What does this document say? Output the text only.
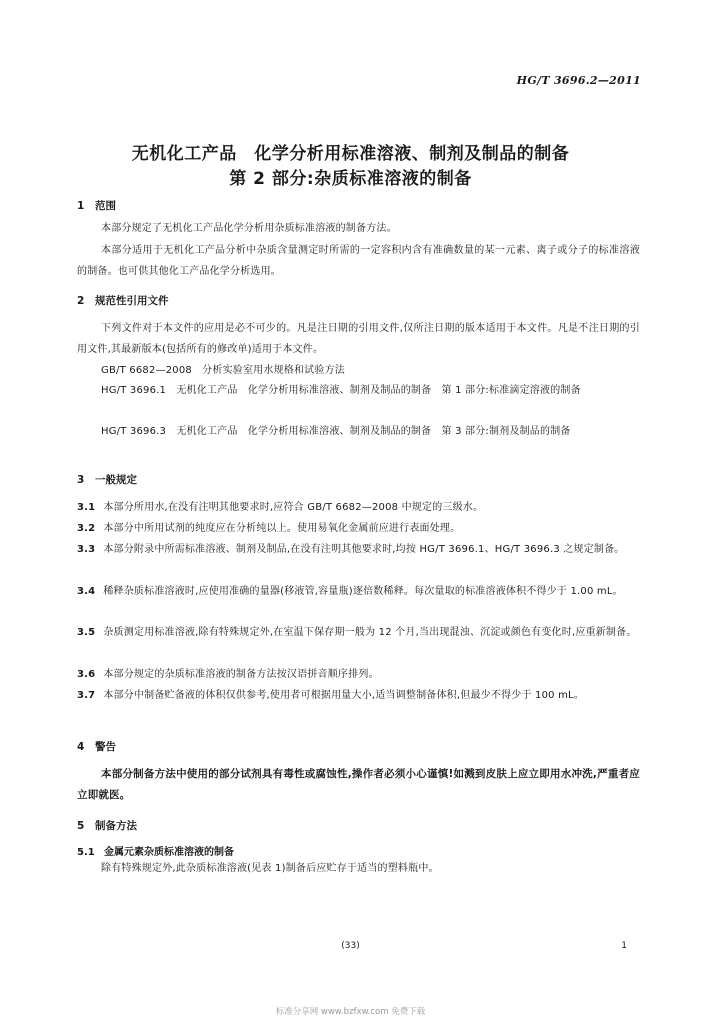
HG/T 3696.2—2011
无机化工产品　化学分析用标准溶液、制剂及制品的制备
第 2 部分:杂质标准溶液的制备
1 范围
本部分规定了无机化工产品化学分析用杂质标准溶液的制备方法。
本部分适用于无机化工产品分析中杂质含量测定时所需的一定容积内含有准确数量的某一元素、离子或分子的标准溶液的制备。也可供其他化工产品化学分析选用。
2 规范性引用文件
下列文件对于本文件的应用是必不可少的。凡是注日期的引用文件,仅所注日期的版本适用于本文件。凡是不注日期的引用文件,其最新版本(包括所有的修改单)适用于本文件。
GB/T 6682—2008　分析实验室用水规格和试验方法
HG/T 3696.1　无机化工产品　化学分析用标准溶液、制剂及制品的制备　第 1 部分:标准滴定溶液的制备
HG/T 3696.3　无机化工产品　化学分析用标准溶液、制剂及制品的制备　第 3 部分:制剂及制品的制备
3 一般规定
3.1 本部分所用水,在没有注明其他要求时,应符合 GB/T 6682—2008 中规定的三级水。
3.2 本部分中所用试剂的纯度应在分析纯以上。使用易氧化金属前应进行表面处理。
3.3 本部分附录中所需标准溶液、制剂及制品,在没有注明其他要求时,均按 HG/T 3696.1、HG/T 3696.3 之规定制备。
3.4 稀释杂质标准溶液时,应使用准确的量器(移液管,容量瓶)逐倍数稀释。每次量取的标准溶液体积不得少于 1.00 mL。
3.5 杂质测定用标准溶液,除有特殊规定外,在室温下保存期一般为 12 个月,当出现混浊、沉淀或颜色有变化时,应重新制备。
3.6 本部分规定的杂质标准溶液的制备方法按汉语拼音顺序排列。
3.7 本部分中制备贮备液的体积仅供参考,使用者可根据用量大小,适当调整制备体积,但最少不得少于 100 mL。
4 警告
本部分制备方法中使用的部分试剂具有毒性或腐蚀性,操作者必须小心谨慎!如溅到皮肤上应立即用水冲洗,严重者应立即就医。
5 制备方法
5.1 金属元素杂质标准溶液的制备
除有特殊规定外,此杂质标准溶液(见表 1)制备后应贮存于适当的塑料瓶中。
(33)	1
标准分享网 www.bzfxw.com 免费下载
